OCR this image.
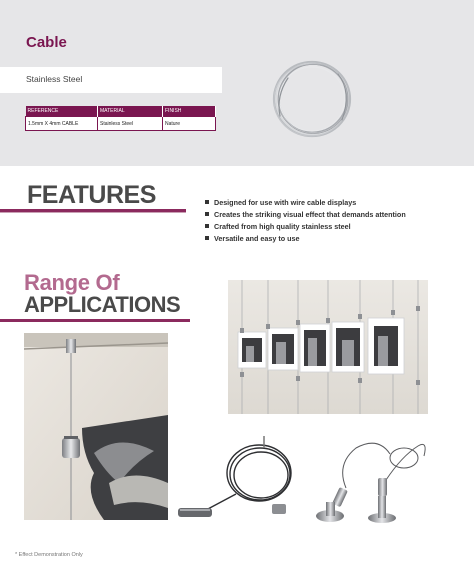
Cable
Stainless Steel
REFERENCE	MATERIAL	FINISH
1.5mm X 4mm CABLE	Stainless Steel	Nature
FEATURES	Designed for use with wire cable displays
Creates the striking visual effect that demands attention
Crafted from high quality stainless steel
Versatile and easy to use
Range Of
APPLICATIONS
* Effect Demonstration Only
